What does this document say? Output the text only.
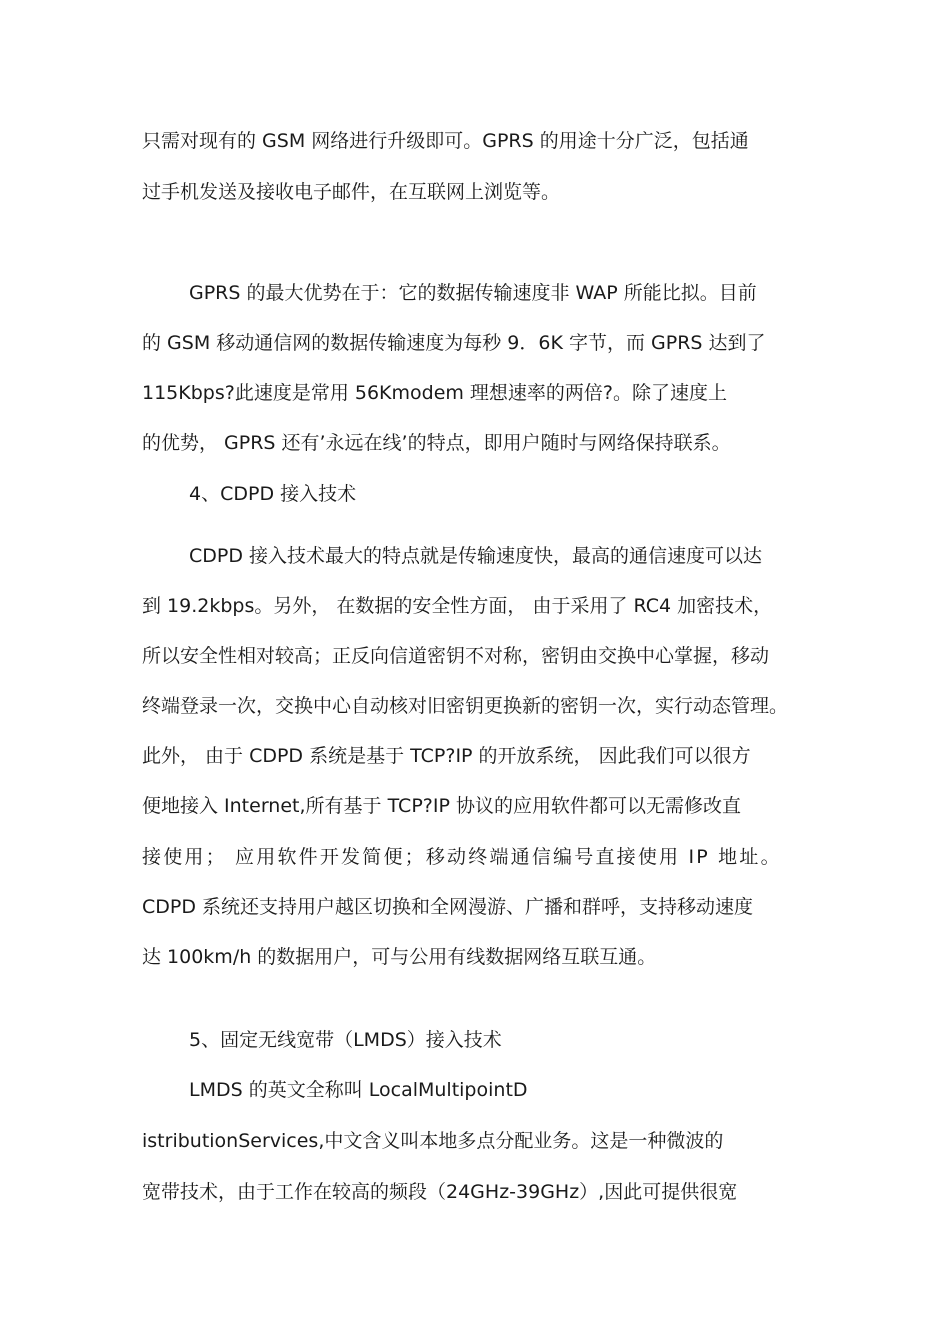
只需对现有的 GSM 网络进行升级即可。GPRS 的用途十分广泛，包括通
过手机发送及接收电子邮件，在互联网上浏览等。
GPRS 的最大优势在于：它的数据传输速度非 WAP 所能比拟。目前
的 GSM 移动通信网的数据传输速度为每秒 9．6K 字节，而 GPRS 达到了
115Kbps?此速度是常用 56Kmodem 理想速率的两倍?。除了速度上
的优势， GPRS 还有’永远在线’的特点，即用户随时与网络保持联系。
4、CDPD 接入技术
CDPD 接入技术最大的特点就是传输速度快，最高的通信速度可以达
到 19.2kbps。另外， 在数据的安全性方面， 由于采用了 RC4 加密技术，
所以安全性相对较高；正反向信道密钥不对称，密钥由交换中心掌握，移动
终端登录一次，交换中心自动核对旧密钥更换新的密钥一次，实行动态管理。
此外， 由于 CDPD 系统是基于 TCP?IP 的开放系统， 因此我们可以很方
便地接入 Internet,所有基于 TCP?IP 协议的应用软件都可以无需修改直
接使用； 应用软件开发简便；移动终端通信编号直接使用 IP 地址。
CDPD 系统还支持用户越区切换和全网漫游、广播和群呼，支持移动速度
达 100km/h 的数据用户，可与公用有线数据网络互联互通。
5、固定无线宽带（LMDS）接入技术
LMDS 的英文全称叫 LocalMultipointD
istributionServices,中文含义叫本地多点分配业务。这是一种微波的
宽带技术，由于工作在较高的频段（24GHz-39GHz）,因此可提供很宽
